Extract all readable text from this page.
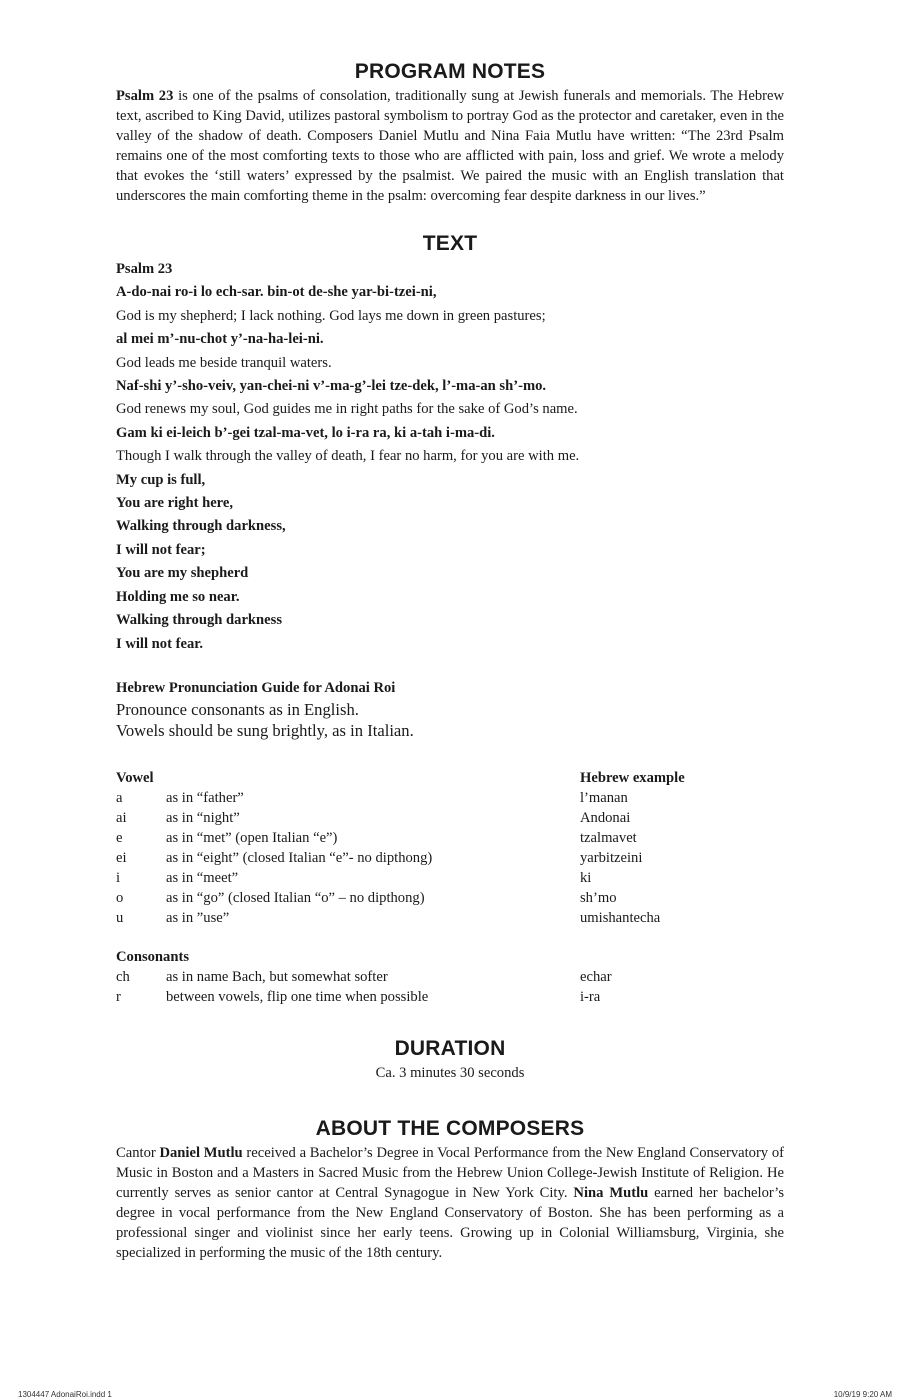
PROGRAM NOTES

Psalm 23 is one of the psalms of consolation, traditionally sung at Jewish funerals and memorials. The Hebrew text, ascribed to King David, utilizes pastoral symbolism to portray God as the protector and caretaker, even in the valley of the shadow of death. Composers Daniel Mutlu and Nina Faia Mutlu have written: “The 23rd Psalm remains one of the most comforting texts to those who are afflicted with pain, loss and grief. We wrote a melody that evokes the ‘still waters’ expressed by the psalmist. We paired the music with an English translation that underscores the main comforting theme in the psalm: overcoming fear despite darkness in our lives.”

TEXT
Psalm 23
A-do-nai ro-i lo ech-sar. bin-ot de-she yar-bi-tzei-ni,
God is my shepherd; I lack nothing. God lays me down in green pastures;
al mei m’-nu-chot y’-na-ha-lei-ni.
God leads me beside tranquil waters.
Naf-shi y’-sho-veiv, yan-chei-ni v’-ma-g’-lei tze-dek, l’-ma-an sh’-mo.
God renews my soul, God guides me in right paths for the sake of God’s name.
Gam ki ei-leich b’-gei tzal-ma-vet, lo i-ra ra, ki a-tah i-ma-di.
Though I walk through the valley of death, I fear no harm, for you are with me.
My cup is full,
You are right here,
Walking through darkness,
I will not fear;
You are my shepherd
Holding me so near.
Walking through darkness
I will not fear.
Hebrew Pronunciation Guide for Adonai Roi
Pronounce consonants as in English.
Vowels should be sung brightly, as in Italian.
Vowel		Hebrew example
a	as in “father”	l’manan
ai	as in “night”	Andonai
e	as in “met” (open Italian “e”)	tzalmavet
ei	as in “eight” (closed Italian “e”- no dipthong)	yarbitzeini
i	as in “meet”	ki
o	as in “go” (closed Italian “o” – no dipthong)	sh’mo
u	as in ”use”	umishantecha
Consonants		
ch	as in name Bach, but somewhat softer	echar
r	between vowels, flip one time when possible	i-ra
DURATION
Ca. 3 minutes 30 seconds
ABOUT THE COMPOSERS

Cantor Daniel Mutlu received a Bachelor’s Degree in Vocal Performance from the New England Conservatory of Music in Boston and a Masters in Sacred Music from the Hebrew Union College-Jewish Institute of Religion. He currently serves as senior cantor at Central Synagogue in New York City. Nina Mutlu earned her bachelor’s degree in vocal performance from the New England Conservatory of Boston. She has been performing as a professional singer and violinist since her early teens. Growing up in Colonial Williamsburg, Virginia, she specialized in performing the music of the 18th century.

1304447 AdonaiRoi.indd 1	10/9/19 9:20 AM
